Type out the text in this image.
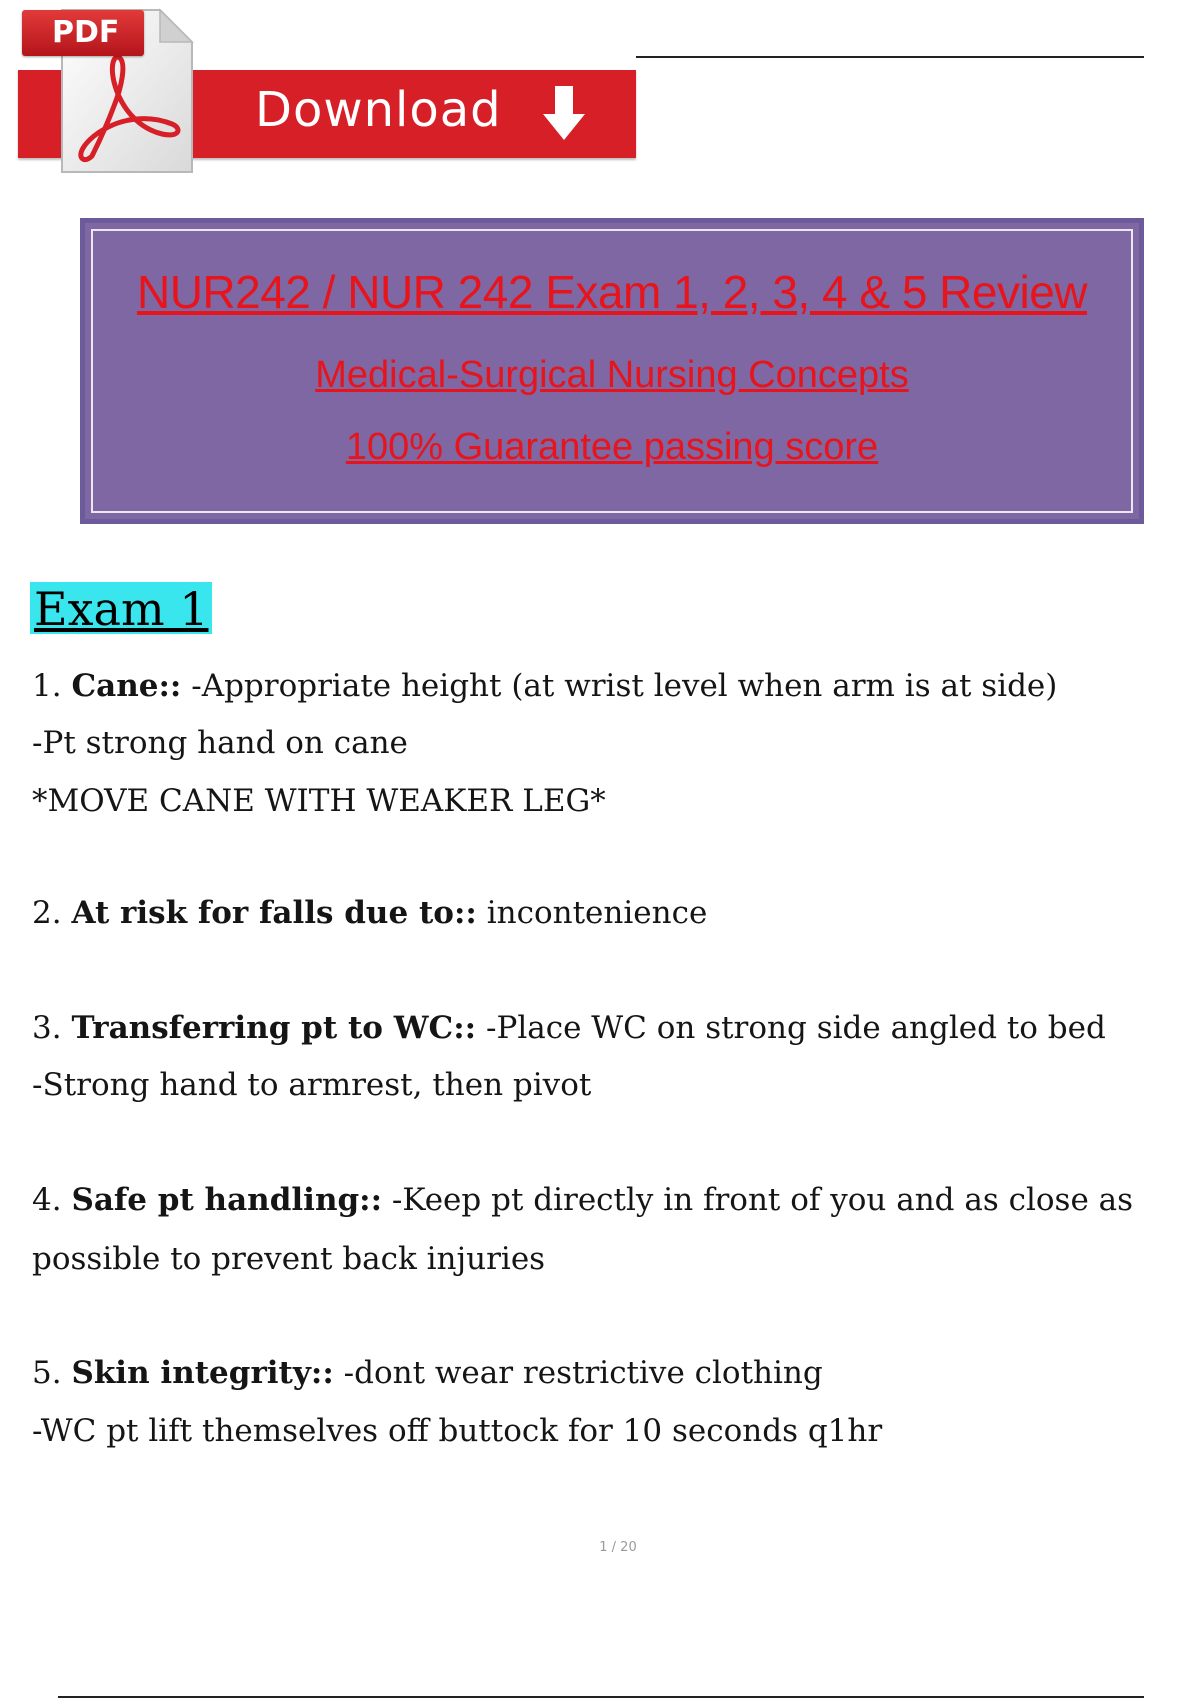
Download
PDF
NUR242 / NUR 242 Exam 1, 2, 3, 4 & 5 Review
Medical-Surgical Nursing Concepts
100% Guarantee passing score
Exam 1
1. Cane:: -Appropriate height (at wrist level when arm is at side)
-Pt strong hand on cane
*MOVE CANE WITH WEAKER LEG*
2. At risk for falls due to:: incontenience
3. Transferring pt to WC:: -Place WC on strong side angled to bed
-Strong hand to armrest, then pivot
4. Safe pt handling:: -Keep pt directly in front of you and as close as
possible to prevent back injuries
5. Skin integrity:: -dont wear restrictive clothing
-WC pt lift themselves off buttock for 10 seconds q1hr
1 / 20
